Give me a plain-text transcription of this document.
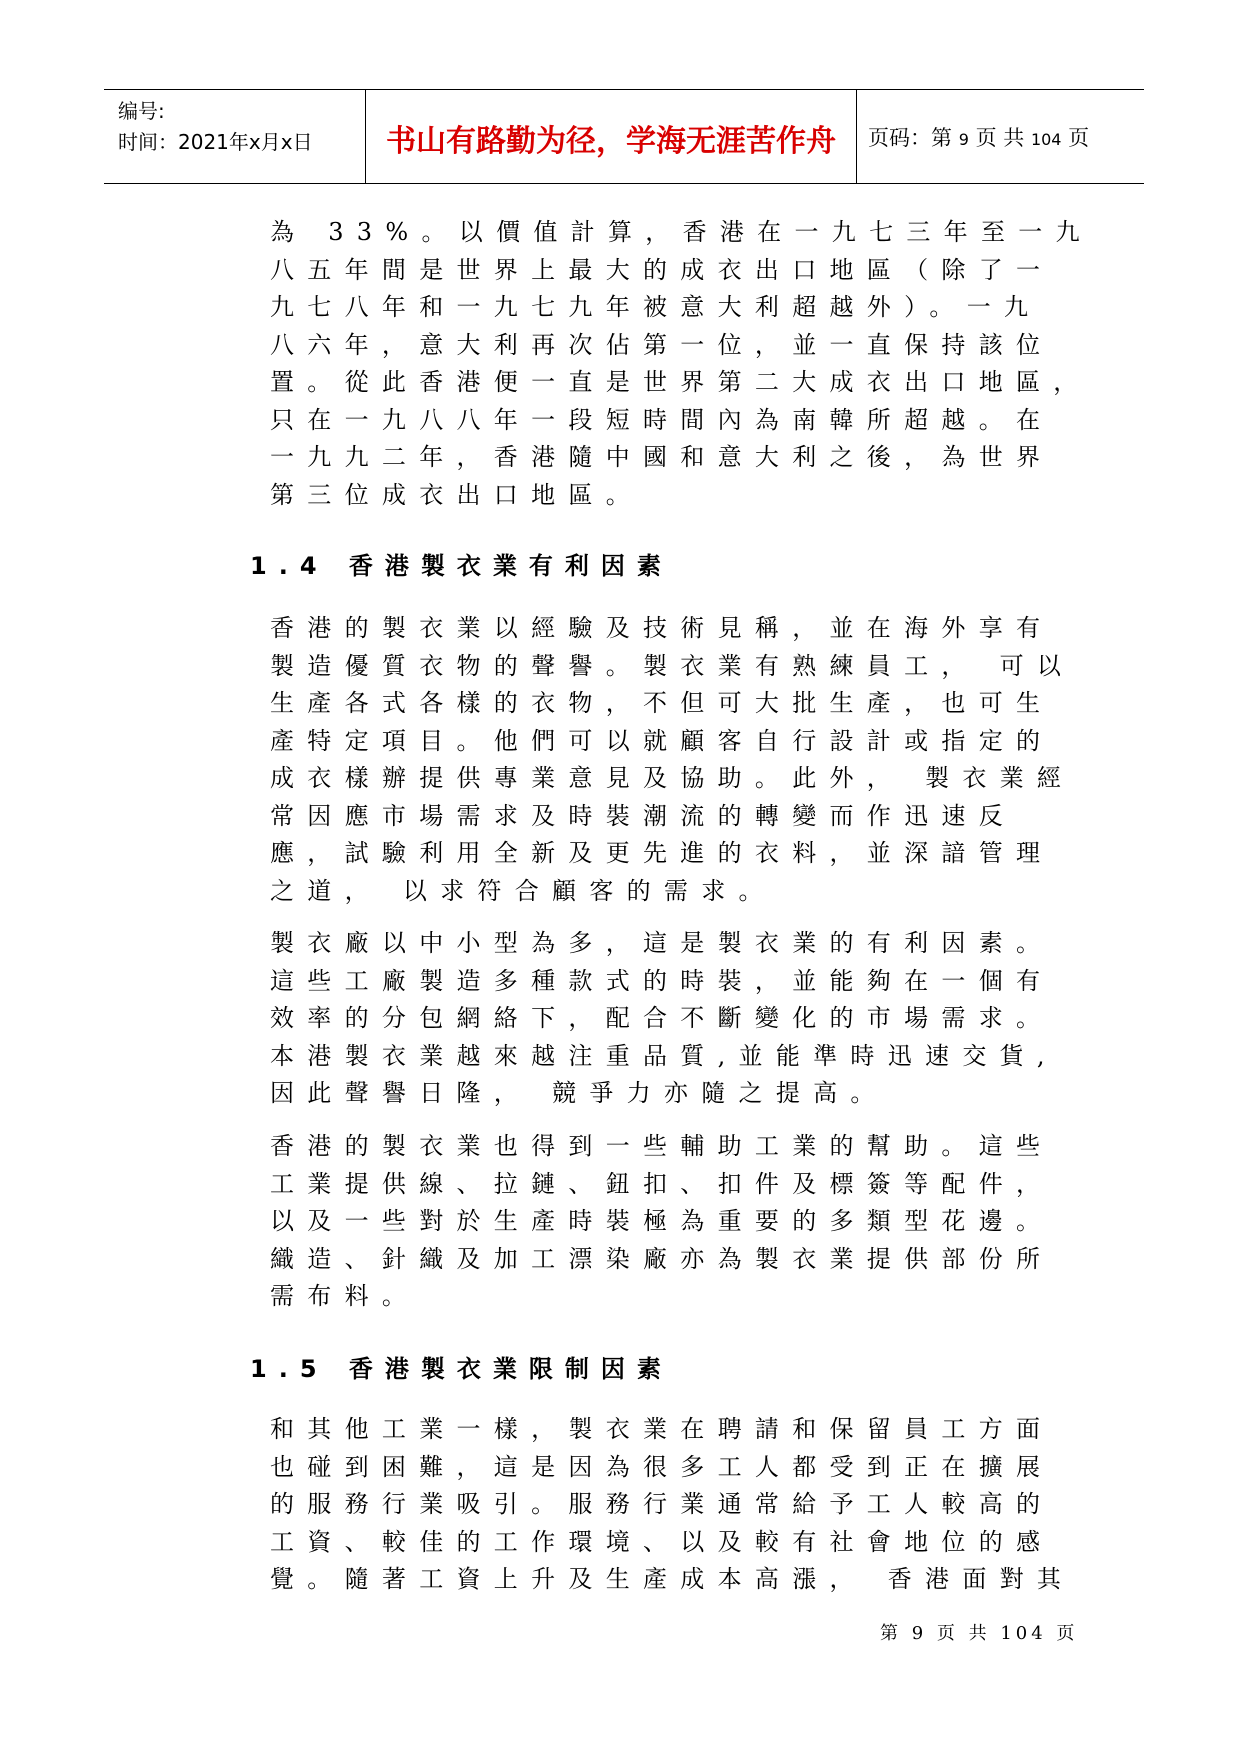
编号:
时间：2021年x月x日	书山有路勤为径，学海无涯苦作舟	页码：第 9 页 共 104 页
為 33%。以價值計算，香港在一九七三年至一九
八五年間是世界上最大的成衣出口地區（除了一
九七八年和一九七九年被意大利超越外）。一九
八六年，意大利再次佔第一位，並一直保持該位
置。從此香港便一直是世界第二大成衣出口地區，
只在一九八八年一段短時間內為南韓所超越。在
一九九二年，香港隨中國和意大利之後，為世界
第三位成衣出口地區。
1.4 香港製衣業有利因素
香港的製衣業以經驗及技術見稱，並在海外享有
製造優質衣物的聲譽。製衣業有熟練員工， 可以
生產各式各樣的衣物，不但可大批生產，也可生
產特定項目。他們可以就顧客自行設計或指定的
成衣樣辦提供專業意見及協助。此外， 製衣業經
常因應市場需求及時裝潮流的轉變而作迅速反
應，試驗利用全新及更先進的衣料，並深諳管理
之道， 以求符合顧客的需求。
製衣廠以中小型為多，這是製衣業的有利因素。
這些工廠製造多種款式的時裝，並能夠在一個有
效率的分包網絡下，配合不斷變化的市場需求。
本港製衣業越來越注重品質,並能準時迅速交貨,
因此聲譽日隆， 競爭力亦隨之提高。
香港的製衣業也得到一些輔助工業的幫助。這些
工業提供線、拉鏈、鈕扣、扣件及標簽等配件，
以及一些對於生產時裝極為重要的多類型花邊。
織造、針織及加工漂染廠亦為製衣業提供部份所
需布料。
1.5 香港製衣業限制因素
和其他工業一樣，製衣業在聘請和保留員工方面
也碰到困難，這是因為很多工人都受到正在擴展
的服務行業吸引。服務行業通常給予工人較高的
工資、較佳的工作環境、以及較有社會地位的感
覺。隨著工資上升及生產成本高漲， 香港面對其
第 9 页 共 104 页
